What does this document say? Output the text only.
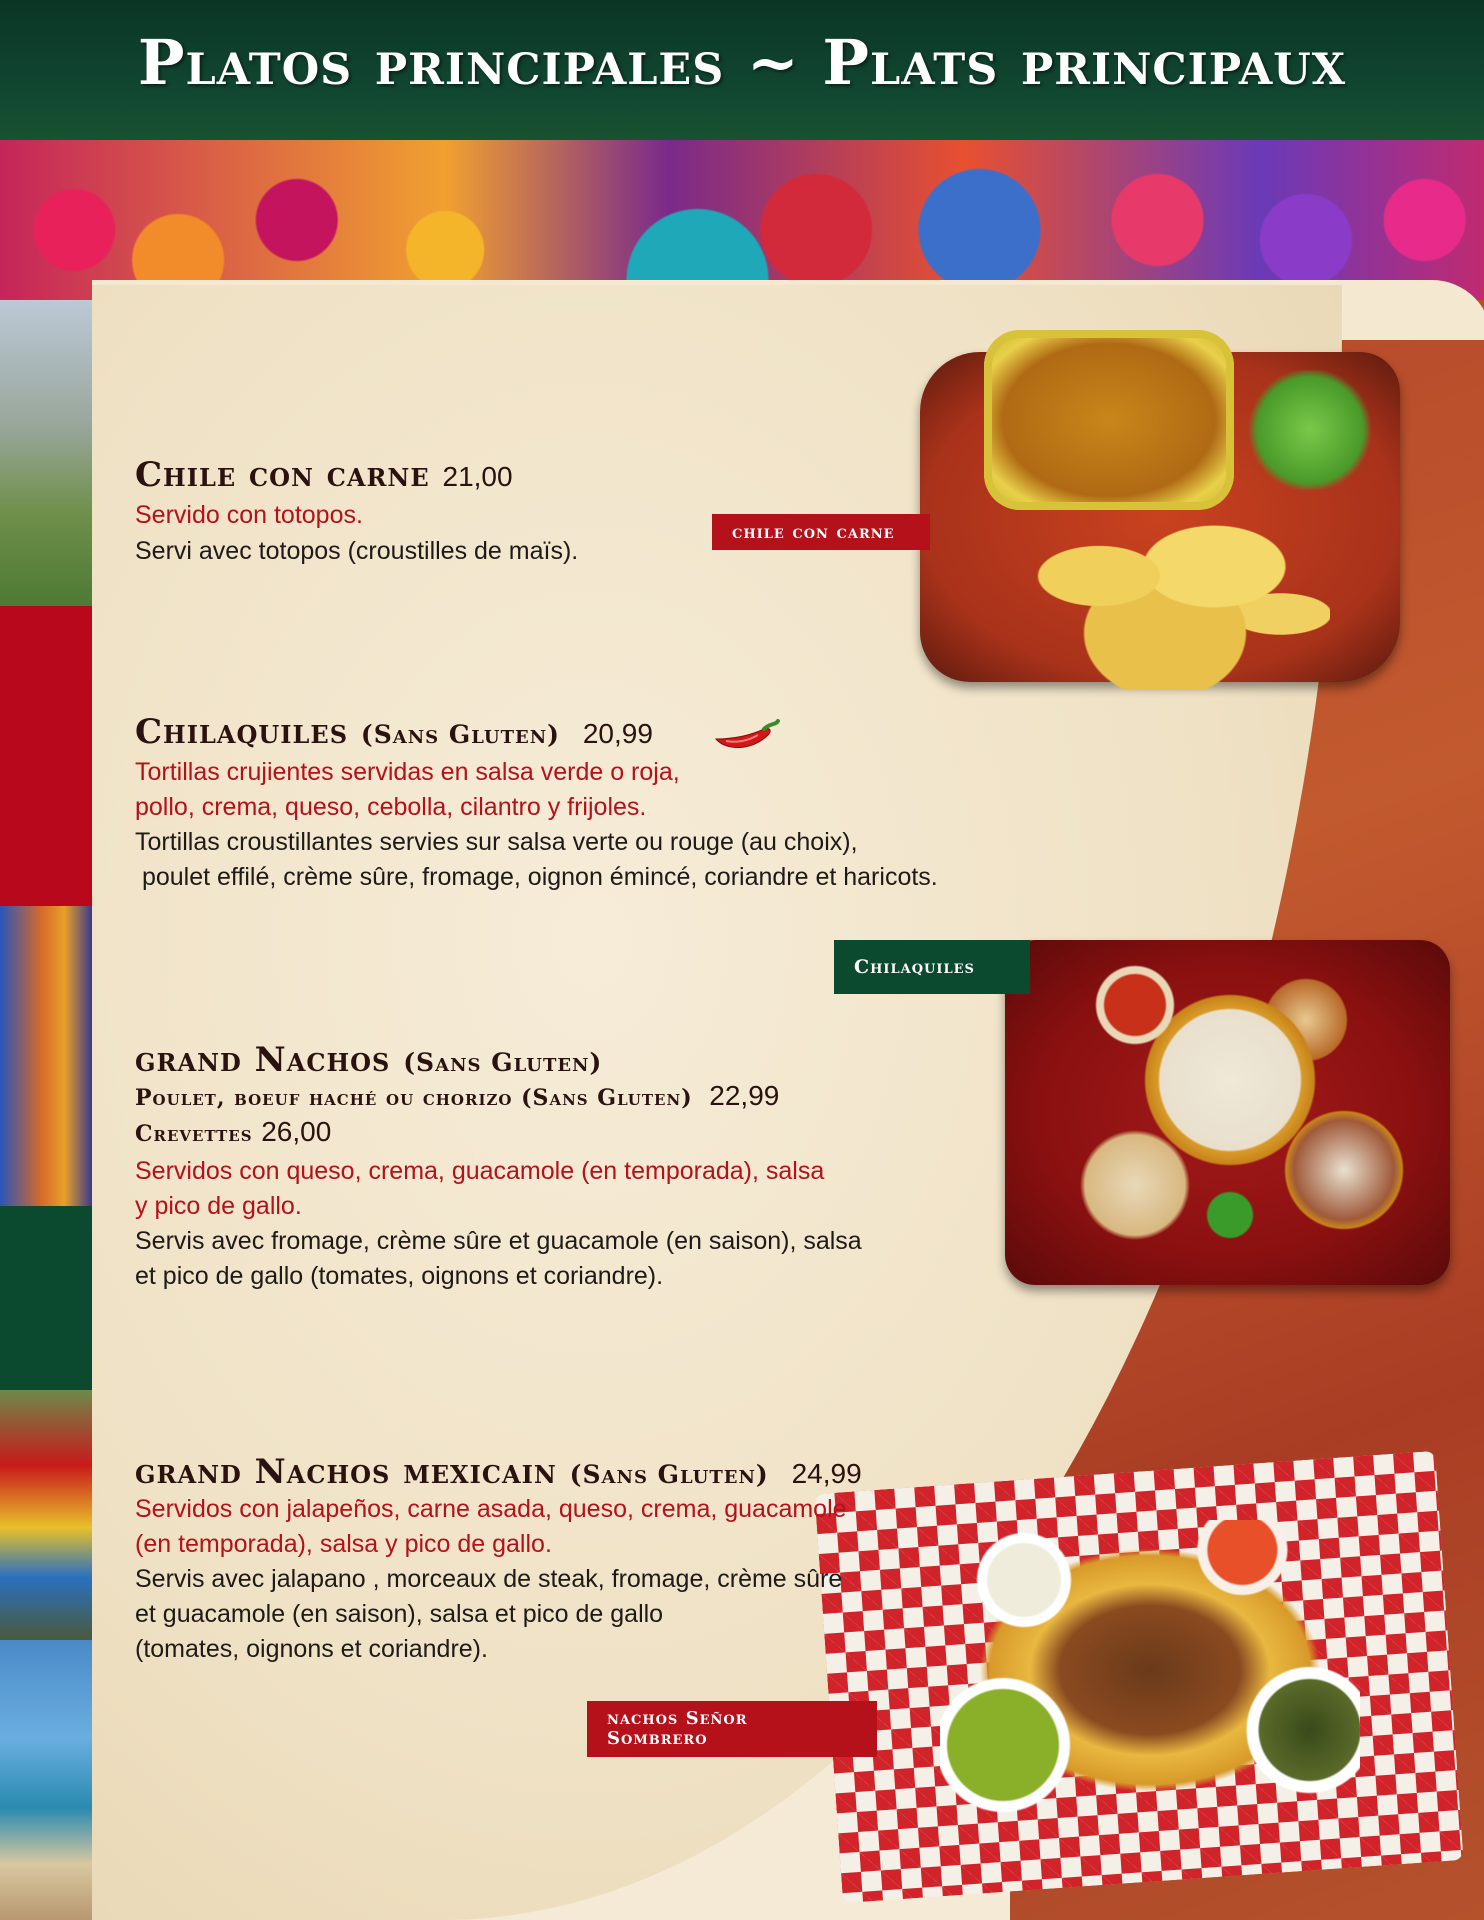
Platos principales ~ Plats principaux
Chile con carne 21,00
Servido con totopos.
Servi avec totopos (croustilles de maïs).
chile con carne
Chilaquiles (Sans Gluten) 20,99
Tortillas crujientes servidas en salsa verde o roja,
pollo, crema, queso, cebolla, cilantro y frijoles.
Tortillas croustillantes servies sur salsa verte ou rouge (au choix),
poulet effilé, crème sûre, fromage, oignon émincé, coriandre et haricots.
Chilaquiles
grand Nachos (Sans Gluten)
Poulet, boeuf haché ou chorizo (Sans Gluten) 22,99
Crevettes 26,00
Servidos con queso, crema, guacamole (en temporada), salsa
y pico de gallo.
Servis avec fromage, crème sûre et guacamole (en saison), salsa
et pico de gallo (tomates, oignons et coriandre).
grand Nachos mexicain (Sans Gluten) 24,99
Servidos con jalapeños, carne asada, queso, crema, guacamole
(en temporada), salsa y pico de gallo.
Servis avec jalapano , morceaux de steak, fromage, crème sûre
et guacamole (en saison), salsa et pico de gallo
(tomates, oignons et coriandre).
nachos Señor
Sombrero
